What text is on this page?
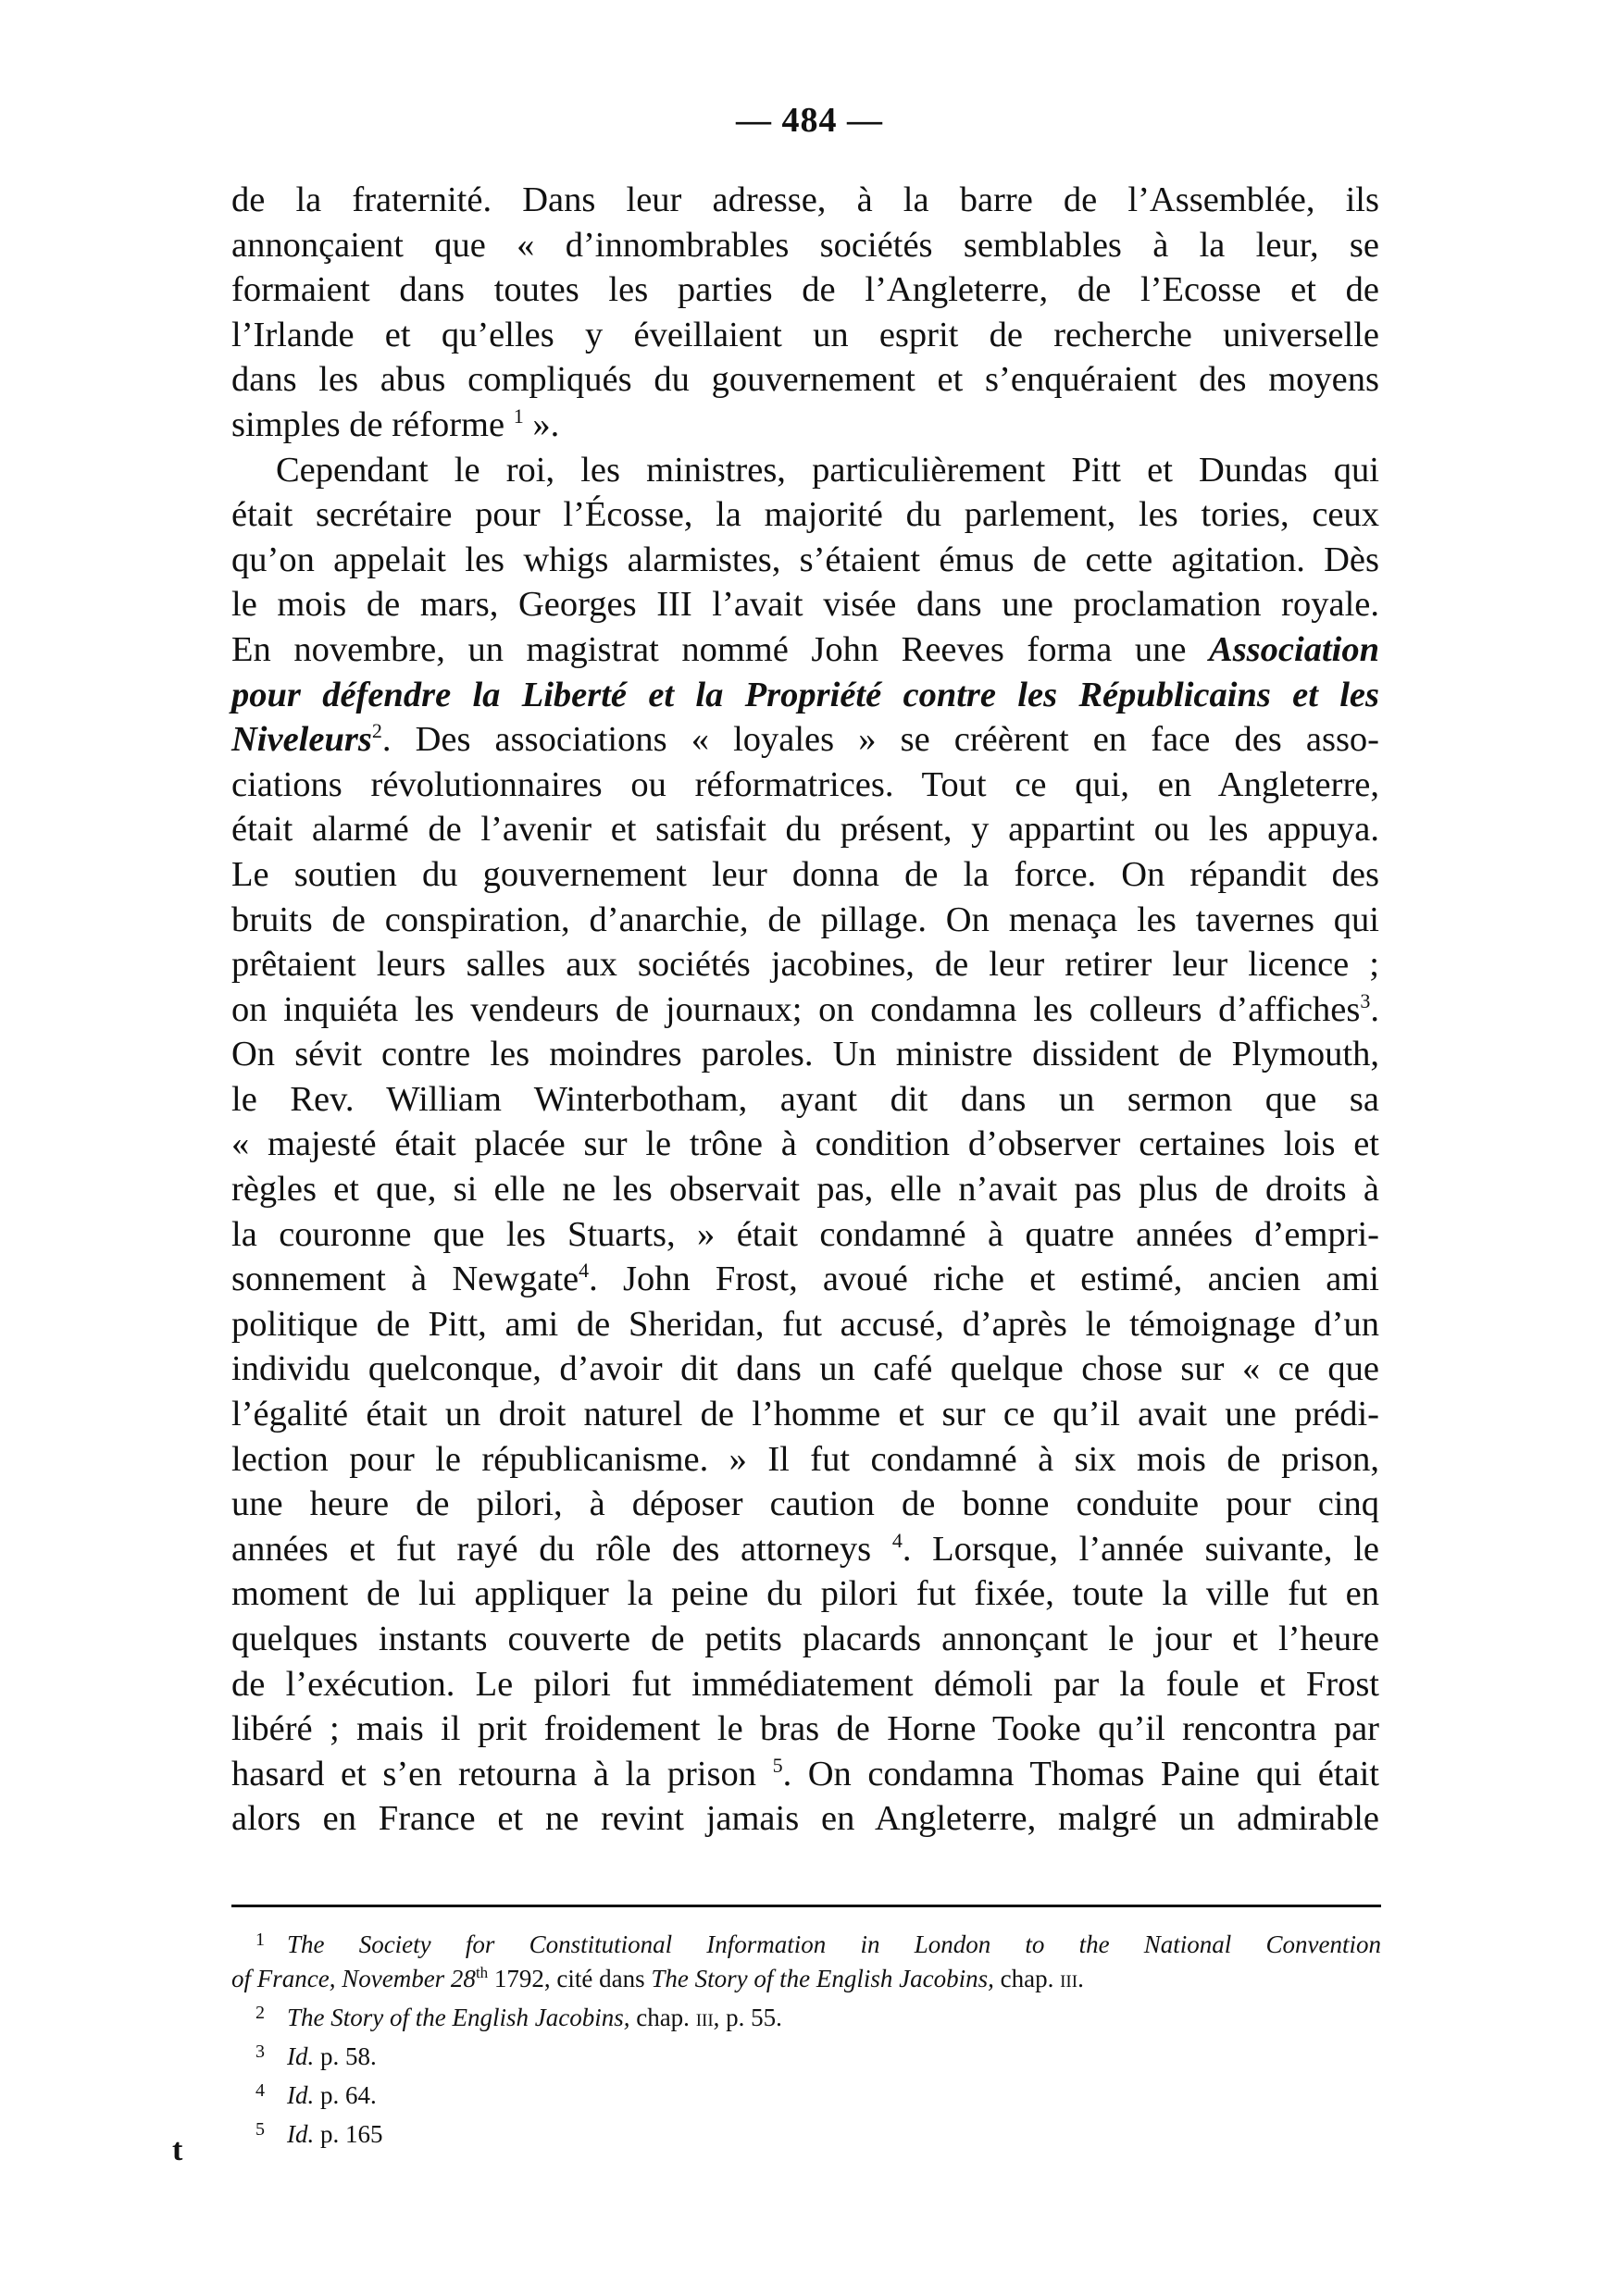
— 484 —
de la fraternité. Dans leur adresse, à la barre de l’Assemblée, ils
annonçaient que « d’innombrables sociétés semblables à la leur, se
formaient dans toutes les parties de l’Angleterre, de l’Ecosse et de
l’Irlande et qu’elles y éveillaient un esprit de recherche universelle
dans les abus compliqués du gouvernement et s’enquéraient des moyens
simples de réforme $^1$ ».
Cependant le roi, les ministres, particulièrement Pitt et Dundas qui
était secrétaire pour l’Écosse, la majorité du parlement, les tories, ceux
qu’on appelait les whigs alarmistes, s’étaient émus de cette agitation. Dès
le mois de mars, Georges III l’avait visée dans une proclamation royale.
En novembre, un magistrat nommé John Reeves forma une Association
pour défendre la Liberté et la Propriété contre les Républicains et les
Niveleurs$^2$. Des associations « loyales » se créèrent en face des asso-
ciations révolutionnaires ou réformatrices. Tout ce qui, en Angleterre,
était alarmé de l’avenir et satisfait du présent, y appartint ou les appuya.
Le soutien du gouvernement leur donna de la force. On répandit des
bruits de conspiration, d’anarchie, de pillage. On menaça les tavernes qui
prêtaient leurs salles aux sociétés jacobines, de leur retirer leur licence ;
on inquiéta les vendeurs de journaux; on condamna les colleurs d’affiches$^3$.
On sévit contre les moindres paroles. Un ministre dissident de Plymouth,
le Rev. William Winterbotham, ayant dit dans un sermon que sa
« majesté était placée sur le trône à condition d’observer certaines lois et
règles et que, si elle ne les observait pas, elle n’avait pas plus de droits à
la couronne que les Stuarts, » était condamné à quatre années d’empri-
sonnement à Newgate$^4$. John Frost, avoué riche et estimé, ancien ami
politique de Pitt, ami de Sheridan, fut accusé, d’après le témoignage d’un
individu quelconque, d’avoir dit dans un café quelque chose sur « ce que
l’égalité était un droit naturel de l’homme et sur ce qu’il avait une prédi-
lection pour le républicanisme. » Il fut condamné à six mois de prison,
une heure de pilori, à déposer caution de bonne conduite pour cinq
années et fut rayé du rôle des attorneys $^4$. Lorsque, l’année suivante, le
moment de lui appliquer la peine du pilori fut fixée, toute la ville fut en
quelques instants couverte de petits placards annonçant le jour et l’heure
de l’exécution. Le pilori fut immédiatement démoli par la foule et Frost
libéré ; mais il prit froidement le bras de Horne Tooke qu’il rencontra par
hasard et s’en retourna à la prison $^5$. On condamna Thomas Paine qui était
alors en France et ne revint jamais en Angleterre, malgré un admirable
1 The Society for Constitutional Information in London to the National Convention
of France, November 28th 1792, cité dans The Story of the English Jacobins, chap. iii.
2 The Story of the English Jacobins, chap. iii, p. 55.
3 Id. p. 58.
4 Id. p. 64.
5 Id. p. 165
t
